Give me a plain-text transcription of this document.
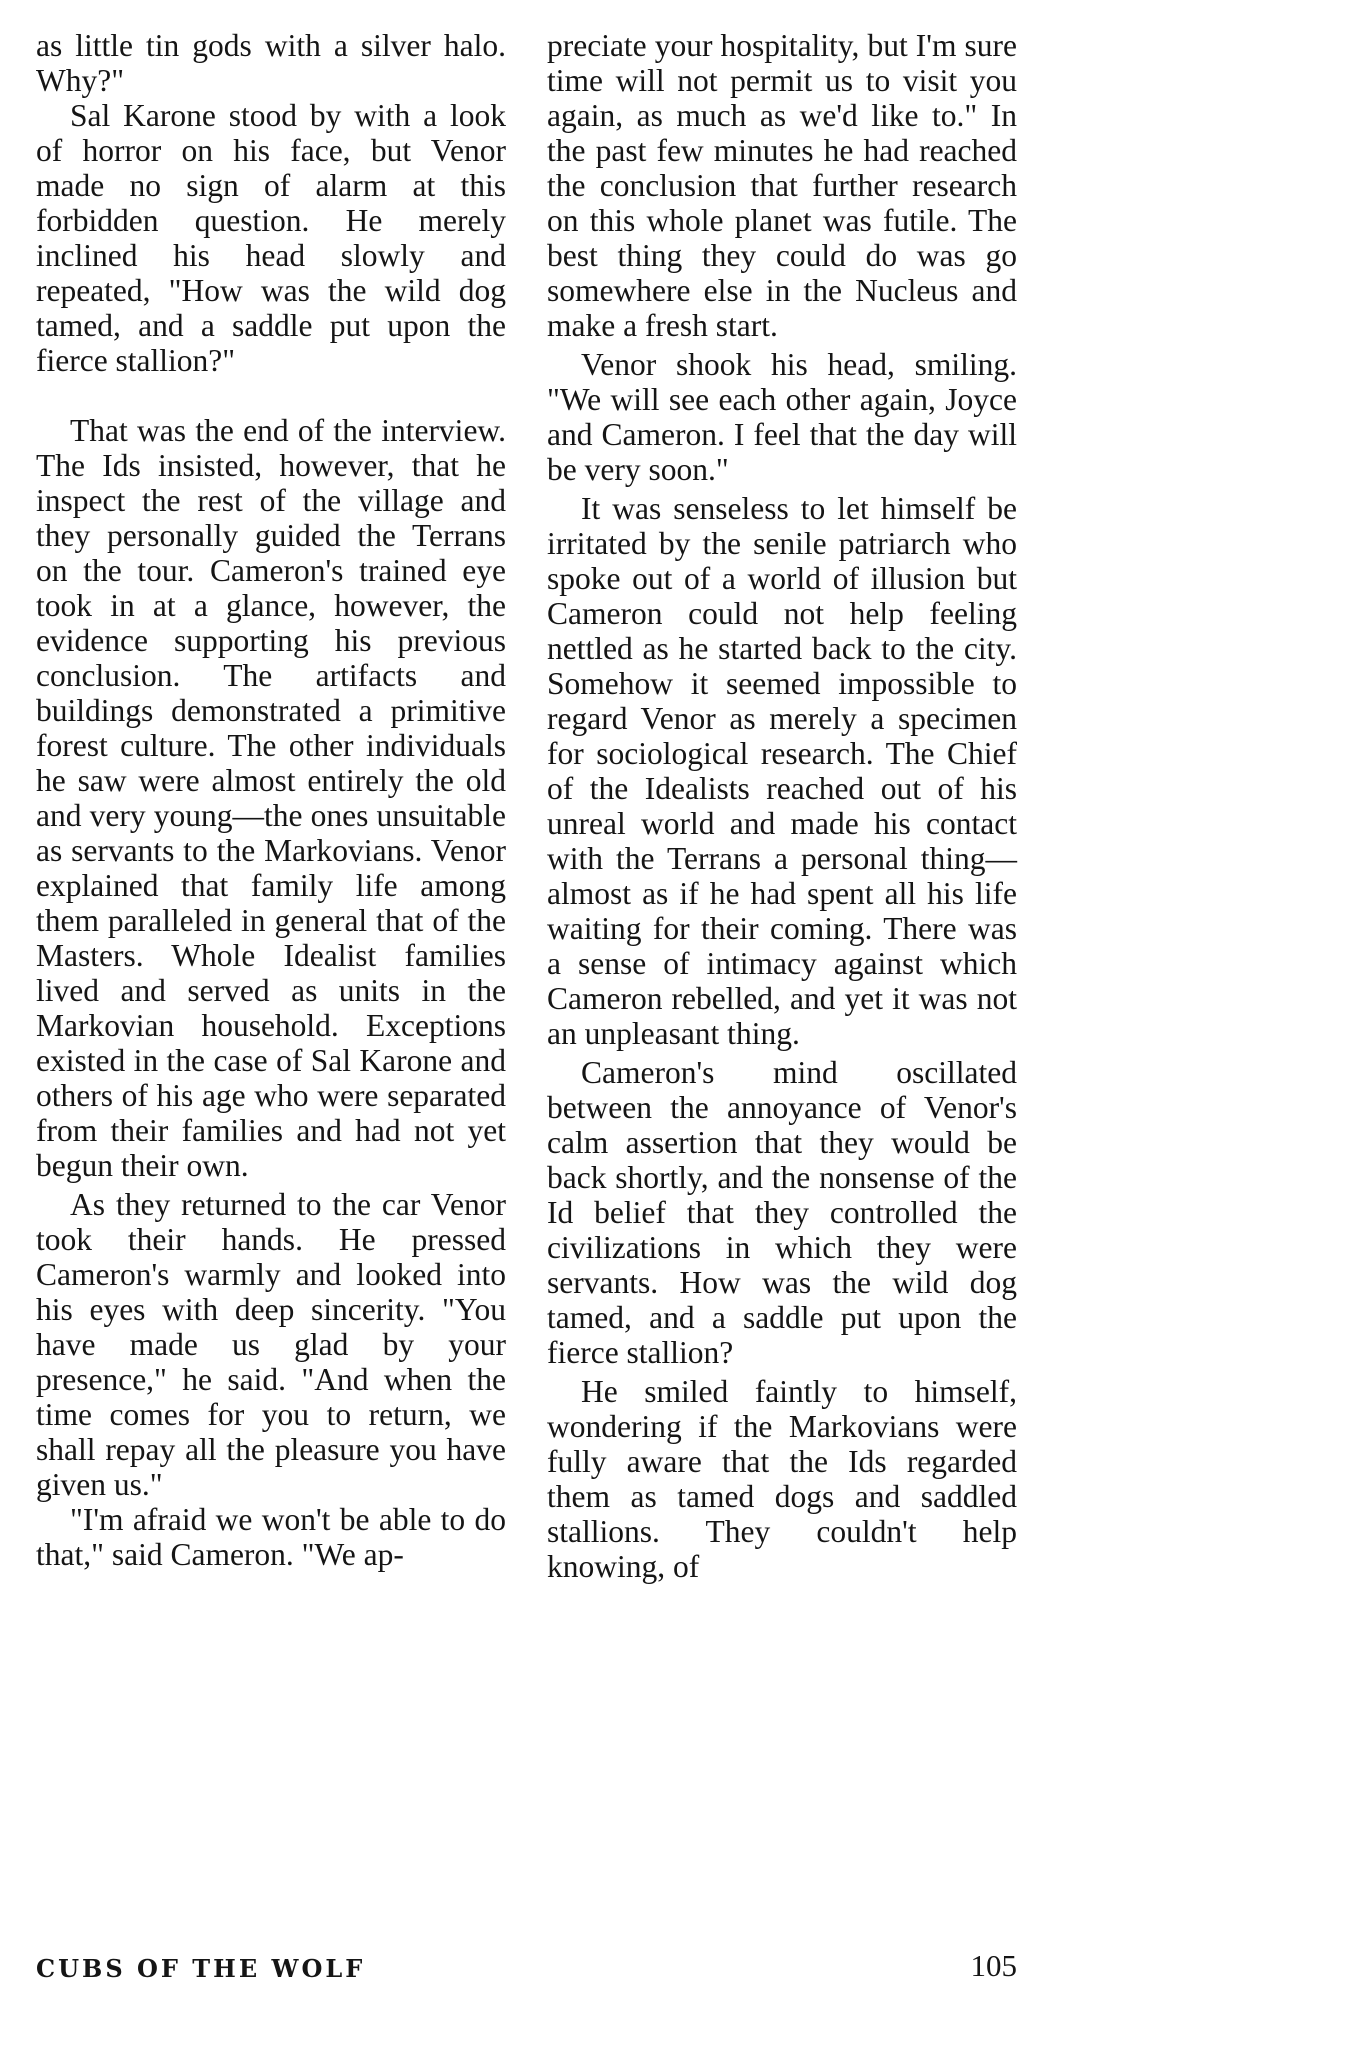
as little tin gods with a silver halo. Why?"

Sal Karone stood by with a look of horror on his face, but Venor made no sign of alarm at this forbidden question. He merely inclined his head slowly and repeated, "How was the wild dog tamed, and a saddle put upon the fierce stallion?"

That was the end of the interview. The Ids insisted, however, that he inspect the rest of the village and they personally guided the Terrans on the tour. Cameron's trained eye took in at a glance, however, the evidence supporting his previous conclusion. The artifacts and buildings demonstrated a primitive forest culture. The other individuals he saw were almost entirely the old and very young—the ones unsuitable as servants to the Markovians. Venor explained that family life among them paralleled in general that of the Masters. Whole Idealist families lived and served as units in the Markovian household. Exceptions existed in the case of Sal Karone and others of his age who were separated from their families and had not yet begun their own.

As they returned to the car Venor took their hands. He pressed Cameron's warmly and looked into his eyes with deep sincerity. "You have made us glad by your presence," he said. "And when the time comes for you to return, we shall repay all the pleasure you have given us."

"I'm afraid we won't be able to do that," said Cameron. "We ap-

preciate your hospitality, but I'm sure time will not permit us to visit you again, as much as we'd like to." In the past few minutes he had reached the conclusion that further research on this whole planet was futile. The best thing they could do was go somewhere else in the Nucleus and make a fresh start.

Venor shook his head, smiling. "We will see each other again, Joyce and Cameron. I feel that the day will be very soon."

It was senseless to let himself be irritated by the senile patriarch who spoke out of a world of illusion but Cameron could not help feeling nettled as he started back to the city. Somehow it seemed impossible to regard Venor as merely a specimen for sociological research. The Chief of the Idealists reached out of his unreal world and made his contact with the Terrans a personal thing—almost as if he had spent all his life waiting for their coming. There was a sense of intimacy against which Cameron rebelled, and yet it was not an unpleasant thing.

Cameron's mind oscillated between the annoyance of Venor's calm assertion that they would be back shortly, and the nonsense of the Id belief that they controlled the civilizations in which they were servants. How was the wild dog tamed, and a saddle put upon the fierce stallion?

He smiled faintly to himself, wondering if the Markovians were fully aware that the Ids regarded them as tamed dogs and saddled stallions. They couldn't help knowing, of

CUBS OF THE WOLF	105
